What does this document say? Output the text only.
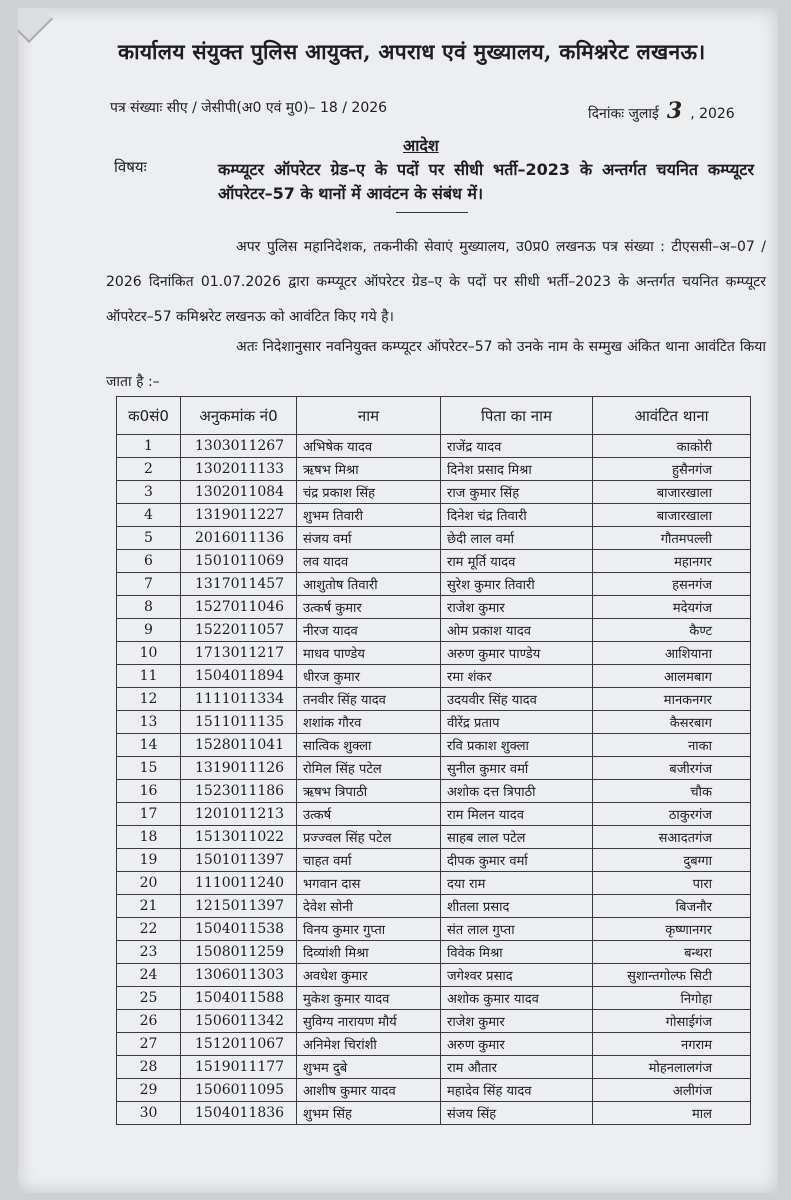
कार्यालय संयुक्त पुलिस आयुक्त, अपराध एवं मुख्यालय, कमिश्नरेट लखनऊ।
पत्र संख्याः सीए / जेसीपी(अ0 एवं मु0)– 18 / 2026	दिनांकः जुलाई 3 , 2026
आदेश
विषयः	कम्प्यूटर ऑपरेटर ग्रेड–ए के पदों पर सीधी भर्ती–2023 के अन्तर्गत चयनित कम्प्यूटर ऑपरेटर–57 के थानों में आवंटन के संबंध में।
अपर पुलिस महानिदेशक, तकनीकी सेवाएं मुख्यालय, उ0प्र0 लखनऊ पत्र संख्या : टीएससी–अ–07 / 2026 दिनांकित 01.07.2026 द्वारा कम्प्यूटर ऑपरेटर ग्रेड–ए के पदों पर सीधी भर्ती–2023 के अन्तर्गत चयनित कम्प्यूटर ऑपरेटर–57 कमिश्नरेट लखनऊ को आवंटित किए गये है।
अतः निदेशानुसार नवनियुक्त कम्प्यूटर ऑपरेटर–57 को उनके नाम के सम्मुख अंकित थाना आवंटित किया जाता है :–
क0सं0	अनुकमांक नं0	नाम	पिता का नाम	आवंटित थाना
1	1303011267	अभिषेक यादव	राजेंद्र यादव	काकोरी
2	1302011133	ऋषभ मिश्रा	दिनेश प्रसाद मिश्रा	हुसैनगंज
3	1302011084	चंद्र प्रकाश सिंह	राज कुमार सिंह	बाजारखाला
4	1319011227	शुभम तिवारी	दिनेश चंद्र तिवारी	बाजारखाला
5	2016011136	संजय वर्मा	छेदी लाल वर्मा	गौतमपल्ली
6	1501011069	लव यादव	राम मूर्ति यादव	महानगर
7	1317011457	आशुतोष तिवारी	सुरेश कुमार तिवारी	हसनगंज
8	1527011046	उत्कर्ष कुमार	राजेश कुमार	मदेयगंज
9	1522011057	नीरज यादव	ओम प्रकाश यादव	कैण्ट
10	1713011217	माधव पाण्डेय	अरुण कुमार पाण्डेय	आशियाना
11	1504011894	धीरज कुमार	रमा शंकर	आलमबाग
12	1111011334	तनवीर सिंह यादव	उदयवीर सिंह यादव	मानकनगर
13	1511011135	शशांक गौरव	वीरेंद्र प्रताप	कैसरबाग
14	1528011041	सात्विक शुक्ला	रवि प्रकाश शुक्ला	नाका
15	1319011126	रोमिल सिंह पटेल	सुनील कुमार वर्मा	बजीरगंज
16	1523011186	ऋषभ त्रिपाठी	अशोक दत्त त्रिपाठी	चौक
17	1201011213	उत्कर्ष	राम मिलन यादव	ठाकुरगंज
18	1513011022	प्रज्ज्वल सिंह पटेल	साहब लाल पटेल	सआदतगंज
19	1501011397	चाहत वर्मा	दीपक कुमार वर्मा	दुबग्गा
20	1110011240	भगवान दास	दया राम	पारा
21	1215011397	देवेश सोनी	शीतला प्रसाद	बिजनौर
22	1504011538	विनय कुमार गुप्ता	संत लाल गुप्ता	कृष्णानगर
23	1508011259	दिव्यांशी मिश्रा	विवेक मिश्रा	बन्थरा
24	1306011303	अवधेश कुमार	जगेश्वर प्रसाद	सुशान्तगोल्फ सिटी
25	1504011588	मुकेश कुमार यादव	अशोक कुमार यादव	निगोहा
26	1506011342	सुविग्य नारायण मौर्य	राजेश कुमार	गोसाईगंज
27	1512011067	अनिमेश चिरांशी	अरुण कुमार	नगराम
28	1519011177	शुभम दुबे	राम औतार	मोहनलालगंज
29	1506011095	आशीष कुमार यादव	महादेव सिंह यादव	अलीगंज
30	1504011836	शुभम सिंह	संजय सिंह	माल
